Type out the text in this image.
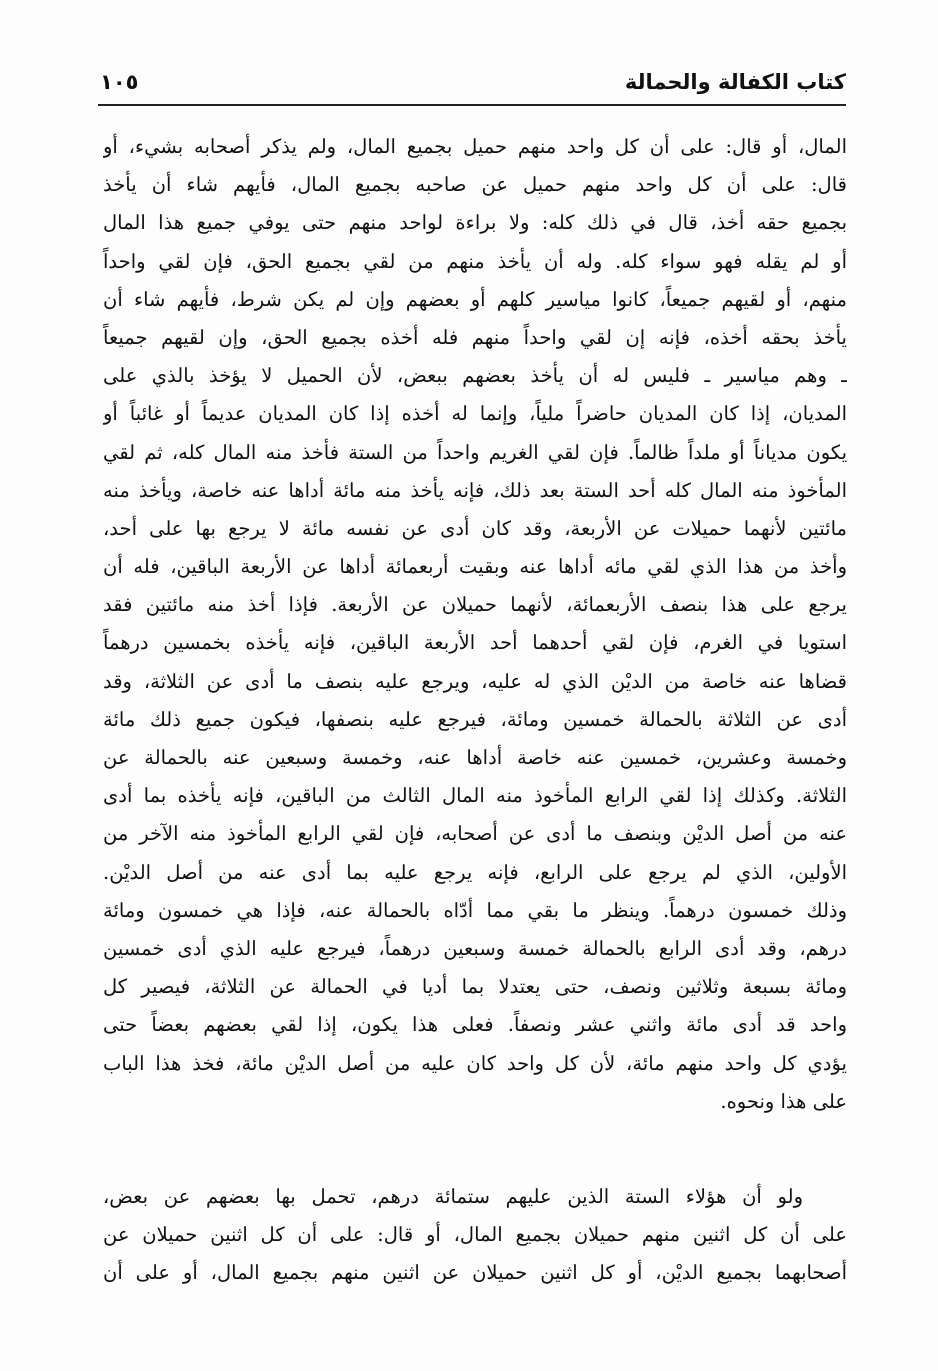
كتاب الكفالة والحمالة
١٠٥
المال، أو قال: على أن كل واحد منهم حميل بجميع المال، ولم يذكر أصحابه بشيء، أو
قال: على أن كل واحد منهم حميل عن صاحبه بجميع المال، فأيهم شاء أن يأخذ
بجميع حقه أخذ، قال في ذلك كله: ولا براءة لواحد منهم حتى يوفي جميع هذا المال
أو لم يقله فهو سواء كله. وله أن يأخذ منهم من لقي بجميع الحق، فإن لقي واحداً
منهم، أو لقيهم جميعاً، كانوا مياسير كلهم أو بعضهم وإن لم يكن شرط، فأيهم شاء أن
يأخذ بحقه أخذه، فإنه إن لقي واحداً منهم فله أخذه بجميع الحق، وإن لقيهم جميعاً
ـ وهم مياسير ـ فليس له أن يأخذ بعضهم ببعض، لأن الحميل لا يؤخذ بالذي على
المديان، إذا كان المديان حاضراً ملياً، وإنما له أخذه إذا كان المديان عديماً أو غائباً أو
يكون مدياناً أو ملداً ظالماً. فإن لقي الغريم واحداً من الستة فأخذ منه المال كله، ثم لقي
المأخوذ منه المال كله أحد الستة بعد ذلك، فإنه يأخذ منه مائة أداها عنه خاصة، ويأخذ منه
مائتين لأنهما حميلات عن الأربعة، وقد كان أدى عن نفسه مائة لا يرجع بها على أحد،
وأخذ من هذا الذي لقي مائه أداها عنه وبقيت أربعمائة أداها عن الأربعة الباقين، فله أن
يرجع على هذا بنصف الأربعمائة، لأنهما حميلان عن الأربعة. فإذا أخذ منه مائتين فقد
استويا في الغرم، فإن لقي أحدهما أحد الأربعة الباقين، فإنه يأخذه بخمسين درهماً
قضاها عنه خاصة من الديْن الذي له عليه، ويرجع عليه بنصف ما أدى عن الثلاثة، وقد
أدى عن الثلاثة بالحمالة خمسين ومائة، فيرجع عليه بنصفها، فيكون جميع ذلك مائة
وخمسة وعشرين، خمسين عنه خاصة أداها عنه، وخمسة وسبعين عنه بالحمالة عن
الثلاثة. وكذلك إذا لقي الرابع المأخوذ منه المال الثالث من الباقين، فإنه يأخذه بما أدى
عنه من أصل الديْن وبنصف ما أدى عن أصحابه، فإن لقي الرابع المأخوذ منه الآخر من
الأولين، الذي لم يرجع على الرابع، فإنه يرجع عليه بما أدى عنه من أصل الديْن.
وذلك خمسون درهماً. وينظر ما بقي مما أدّاه بالحمالة عنه، فإذا هي خمسون ومائة
درهم، وقد أدى الرابع بالحمالة خمسة وسبعين درهماً، فيرجع عليه الذي أدى خمسين
ومائة بسبعة وثلاثين ونصف، حتى يعتدلا بما أديا في الحمالة عن الثلاثة، فيصير كل
واحد قد أدى مائة واثني عشر ونصفاً. فعلى هذا يكون، إذا لقي بعضهم بعضاً حتى
يؤدي كل واحد منهم مائة، لأن كل واحد كان عليه من أصل الديْن مائة، فخذ هذا الباب
على هذا ونحوه.
ولو أن هؤلاء الستة الذين عليهم ستمائة درهم، تحمل بها بعضهم عن بعض،
على أن كل اثنين منهم حميلان بجميع المال، أو قال: على أن كل اثنين حميلان عن
أصحابهما بجميع الديْن، أو كل اثنين حميلان عن اثنين منهم بجميع المال، أو على أن
